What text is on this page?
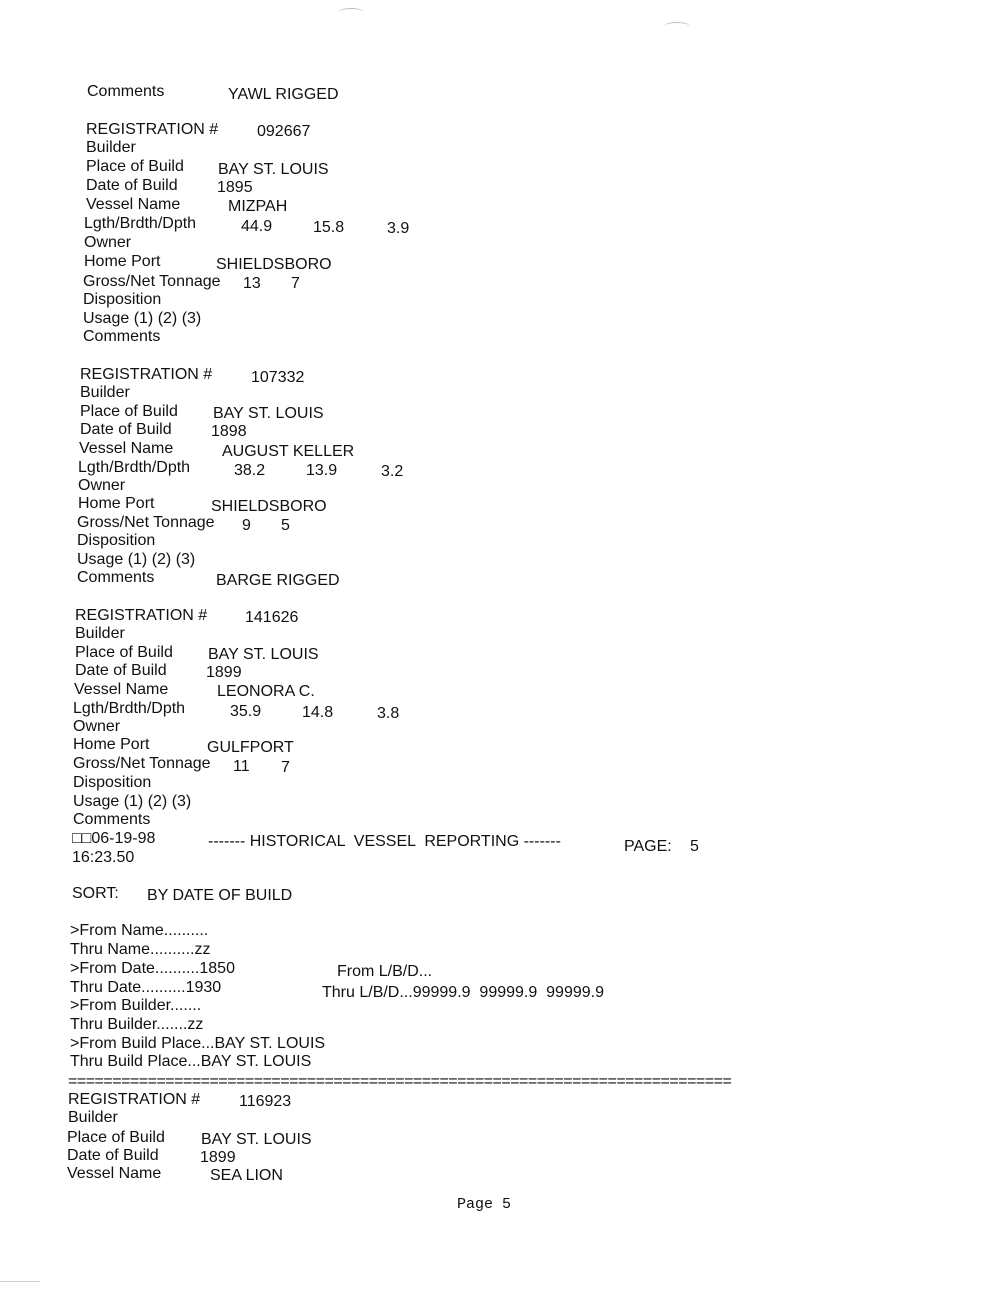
Comments	YAWL RIGGED
REGISTRATION # 092667
Builder
Place of Build BAY ST. LOUIS
Date of Build 1895
Vessel Name	MIZPAH
Lgth/Brdth/Dpth	44.9	15.8	3.9
Owner
Home Port	SHIELDSBORO
Gross/Net Tonnage 13 7
Disposition
Usage (1) (2) (3)
Comments
REGISTRATION # 107332
Builder
Place of Build BAY ST. LOUIS
Date of Build 1898
Vessel Name	AUGUST KELLER
Lgth/Brdth/Dpth	38.2	13.9	3.2
Owner
Home Port	SHIELDSBORO
Gross/Net Tonnage 9 5
Disposition
Usage (1) (2) (3)
Comments	BARGE RIGGED
REGISTRATION # 141626
Builder
Place of Build BAY ST. LOUIS
Date of Build 1899
Vessel Name	LEONORA C.
Lgth/Brdth/Dpth	35.9	14.8	3.8
Owner
Home Port	GULFPORT
Gross/Net Tonnage 11 7
Disposition
Usage (1) (2) (3)
Comments
□□06-19-98
16:23.50
------- HISTORICAL  VESSEL  REPORTING -------	PAGE: 5
SORT: BY DATE OF BUILD
>From Name..........
Thru Name..........zz
>From Date..........1850
Thru Date..........1930
>From Builder.......
Thru Builder.......zz
>From Build Place...BAY ST. LOUIS
Thru Build Place...BAY ST. LOUIS
From L/B/D...
Thru L/B/D...99999.9  99999.9  99999.9
===========================================================================
REGISTRATION # 116923
Builder
Place of Build BAY ST. LOUIS
Date of Build	1899
Vessel Name	SEA LION
Page 5
